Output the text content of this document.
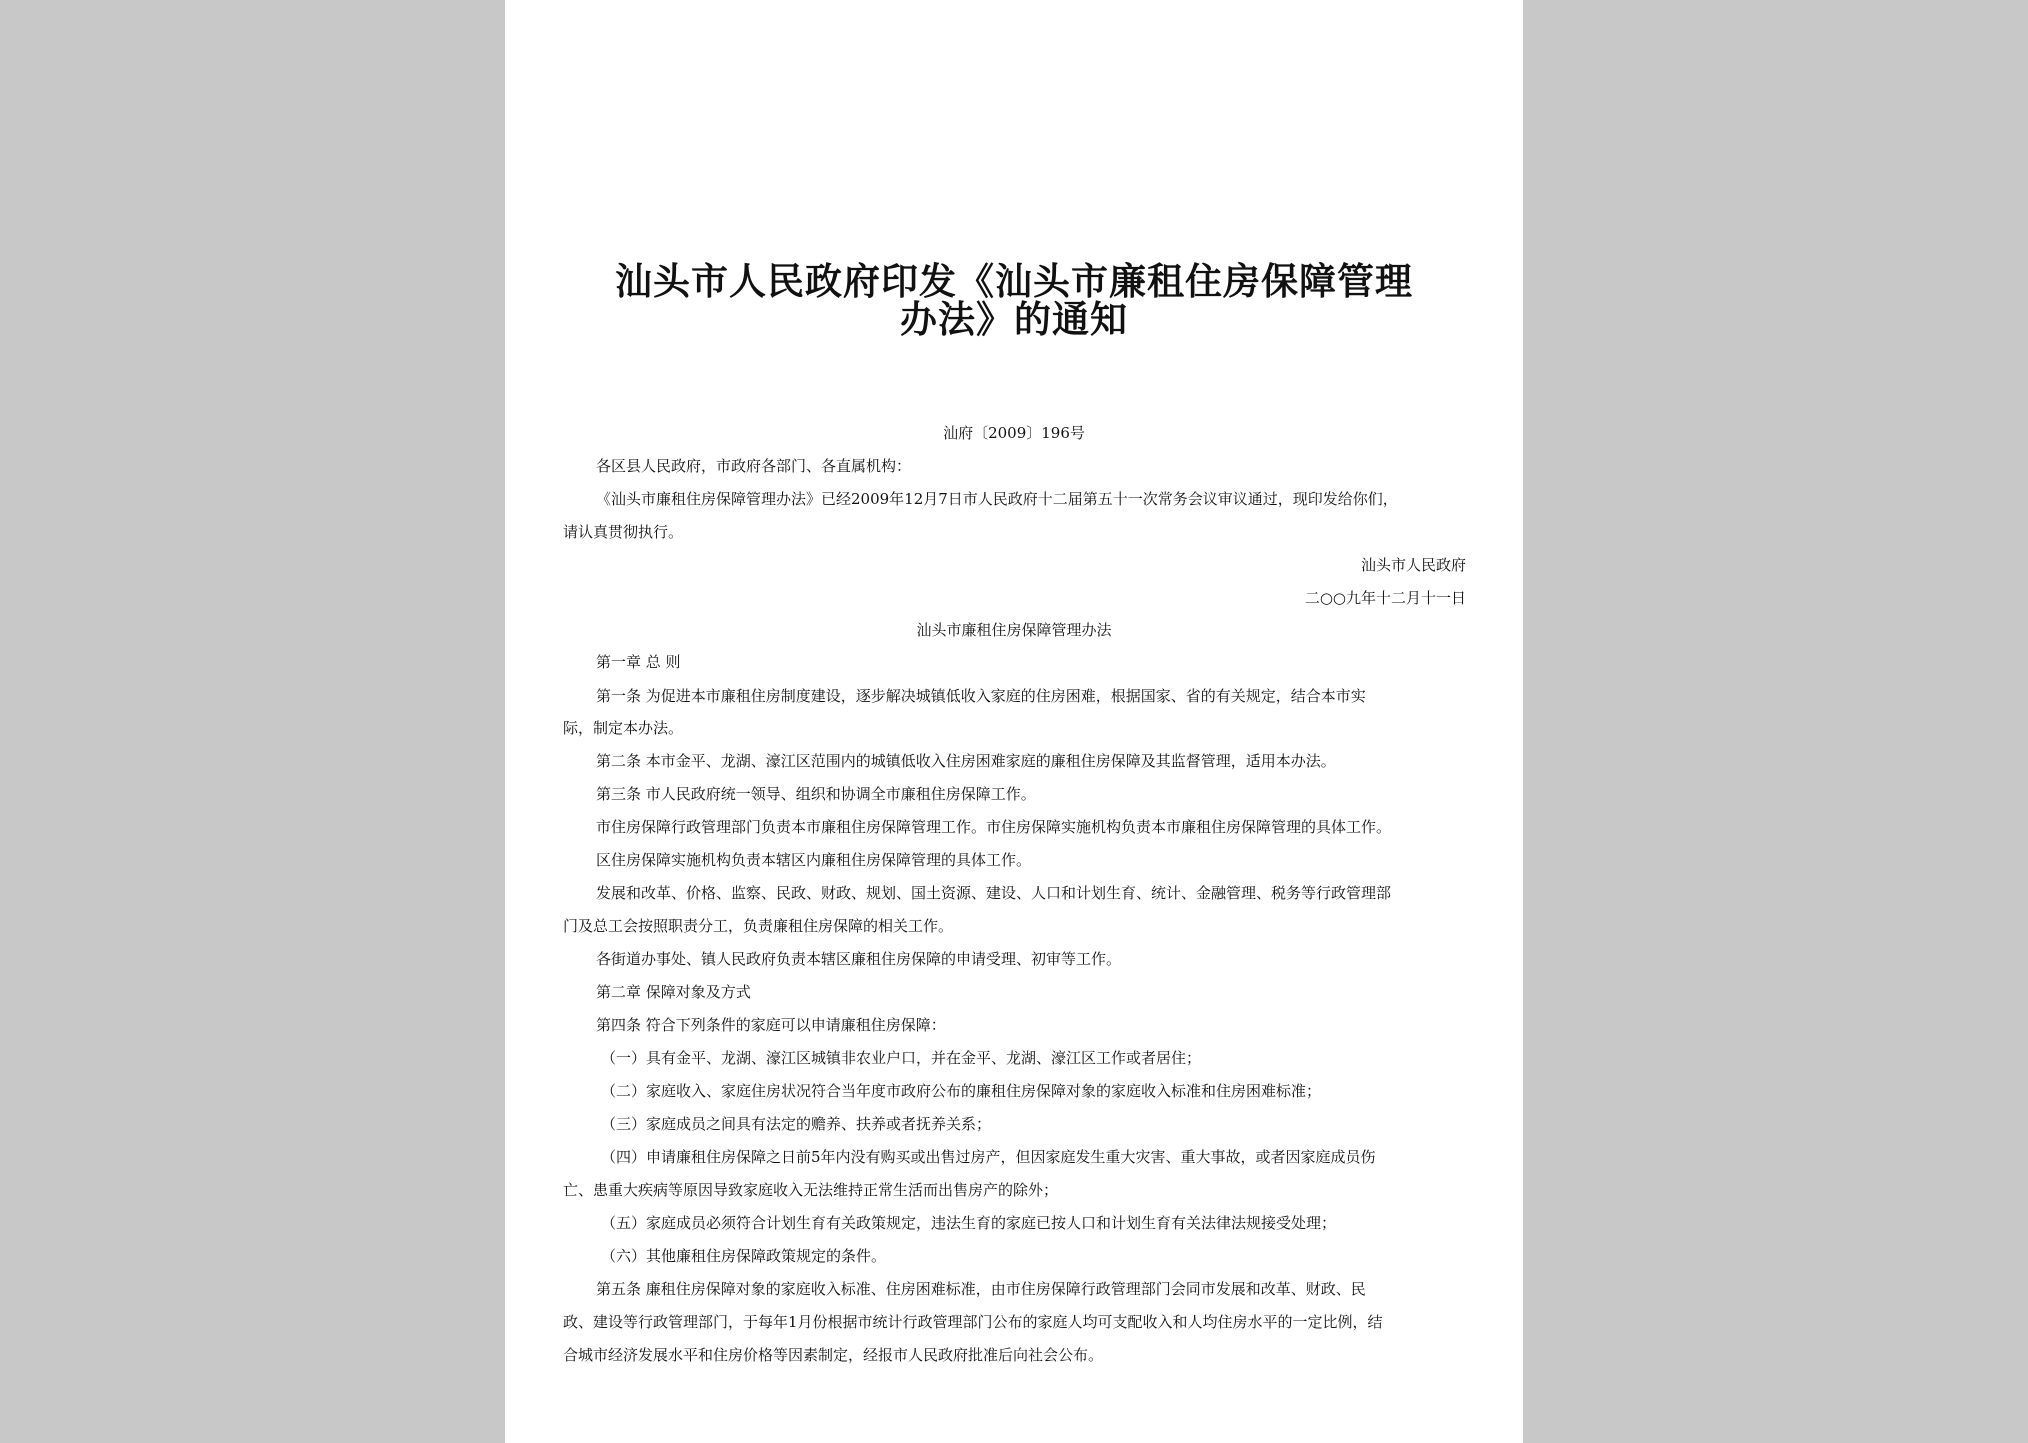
汕头市人民政府印发《汕头市廉租住房保障管理办法》的通知
汕府〔2009〕196号
各区县人民政府，市政府各部门、各直属机构：
《汕头市廉租住房保障管理办法》已经2009年12月7日市人民政府十二届第五十一次常务会议审议通过，现印发给你们，
请认真贯彻执行。
汕头市人民政府
二○○九年十二月十一日
汕头市廉租住房保障管理办法
第一章 总 则
第一条 为促进本市廉租住房制度建设，逐步解决城镇低收入家庭的住房困难，根据国家、省的有关规定，结合本市实
际，制定本办法。
第二条 本市金平、龙湖、濠江区范围内的城镇低收入住房困难家庭的廉租住房保障及其监督管理，适用本办法。
第三条 市人民政府统一领导、组织和协调全市廉租住房保障工作。
市住房保障行政管理部门负责本市廉租住房保障管理工作。市住房保障实施机构负责本市廉租住房保障管理的具体工作。
区住房保障实施机构负责本辖区内廉租住房保障管理的具体工作。
发展和改革、价格、监察、民政、财政、规划、国土资源、建设、人口和计划生育、统计、金融管理、税务等行政管理部
门及总工会按照职责分工，负责廉租住房保障的相关工作。
各街道办事处、镇人民政府负责本辖区廉租住房保障的申请受理、初审等工作。
第二章 保障对象及方式
第四条 符合下列条件的家庭可以申请廉租住房保障：
（一）具有金平、龙湖、濠江区城镇非农业户口，并在金平、龙湖、濠江区工作或者居住；
（二）家庭收入、家庭住房状况符合当年度市政府公布的廉租住房保障对象的家庭收入标准和住房困难标准；
（三）家庭成员之间具有法定的赡养、扶养或者抚养关系；
（四）申请廉租住房保障之日前5年内没有购买或出售过房产，但因家庭发生重大灾害、重大事故，或者因家庭成员伤
亡、患重大疾病等原因导致家庭收入无法维持正常生活而出售房产的除外；
（五）家庭成员必须符合计划生育有关政策规定，违法生育的家庭已按人口和计划生育有关法律法规接受处理；
（六）其他廉租住房保障政策规定的条件。
第五条 廉租住房保障对象的家庭收入标准、住房困难标准，由市住房保障行政管理部门会同市发展和改革、财政、民
政、建设等行政管理部门，于每年1月份根据市统计行政管理部门公布的家庭人均可支配收入和人均住房水平的一定比例，结
合城市经济发展水平和住房价格等因素制定，经报市人民政府批准后向社会公布。
